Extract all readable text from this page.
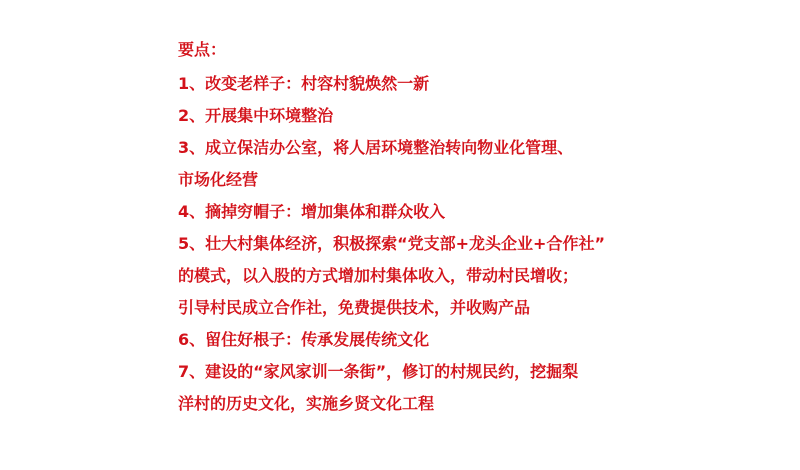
要点：
1、改变老样子：村容村貌焕然一新
2、开展集中环境整治
3、成立保洁办公室，将人居环境整治转向物业化管理、
市场化经营
4、摘掉穷帽子：增加集体和群众收入
5、壮大村集体经济，积极探索“党支部+龙头企业+合作社”
的模式，以入股的方式增加村集体收入，带动村民增收；
引导村民成立合作社，免费提供技术，并收购产品
6、留住好根子：传承发展传统文化
7、建设的“家风家训一条街”，修订的村规民约，挖掘梨
洋村的历史文化，实施乡贤文化工程
